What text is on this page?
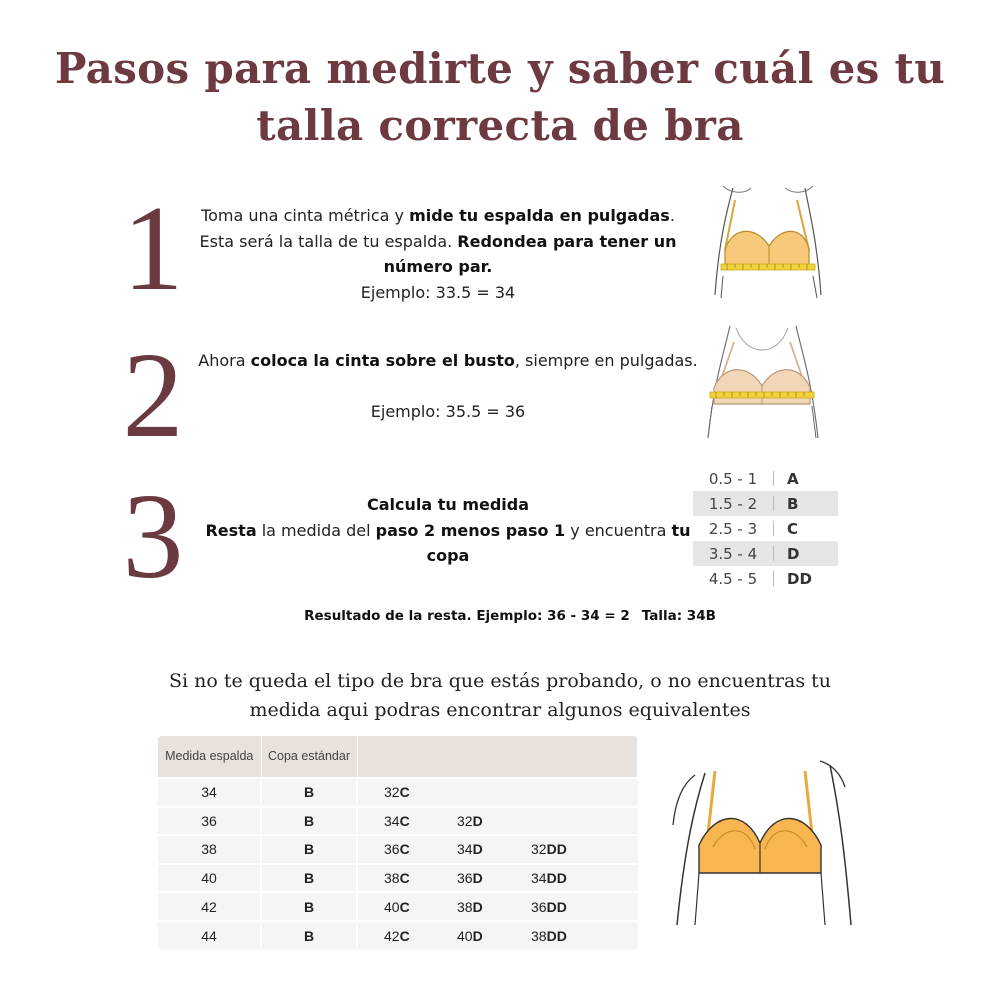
Pasos para medirte y saber cuál es tu talla correcta de bra
1
2
3
Toma una cinta métrica y mide tu espalda en pulgadas. Esta será la talla de tu espalda. Redondea para tener un número par.
Ejemplo: 33.5 = 34
Ahora coloca la cinta sobre el busto, siempre en pulgadas.

Ejemplo: 35.5 = 36
Calcula tu medida
Resta la medida del paso 2 menos paso 1 y encuentra tu copa
0.5 - 1	A
1.5 - 2	B
2.5 - 3	C
3.5 - 4	D
4.5 - 5	DD
Resultado de la resta. Ejemplo: 36 - 34 = 2 Talla: 34B

Si no te queda el tipo de bra que estás probando, o no encuentras tu medida aqui podras encontrar algunos equivalentes

Medida espalda	Copa estándar				
34	B	32C			
36	B	34C	32D		
38	B	36C	34D	32DD	
40	B	38C	36D	34DD	
42	B	40C	38D	36DD	
44	B	42C	40D	38DD	
